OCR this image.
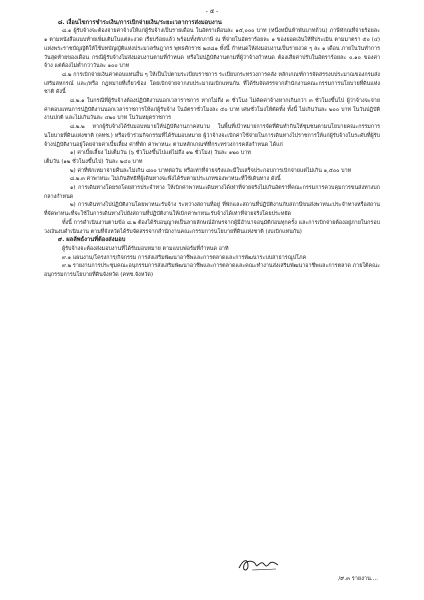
- ๕ -
๘. เงื่อนไขการชำระเงิน/การเบิกจ่ายเงิน/ระยะเวลาการส่งมอบงาน

๘.๑ ผู้รับจ้างจะต้องจ่ายค่าจ้างให้แก่ผู้รับจ้างเป็นรายเดือน ในอัตราเดือนละ ๑๕,๐๐๐ บาท (หนึ่งหมื่นห้าพันบาทถ้วน) ภาษีหักณที่จ่ายร้อยละ ๑ ตามหนังสือแนบท้ายเพิ่มเติมในแต่ละงวด เรียบร้อยแล้ว พร้อมทั้งทักภาษี ณ ที่จ่ายในอัตราร้อยละ ๑ ของยอดเงินให้ทีประเมิน ตามมาตรา ๕๐ (๔) แห่งพระราชบัญญัติให้ใช้บทบัญญัติแห่งประมวลรัษฎากร พุทธศักราช ๒๔๘๑ ทั้งนี้ กำหนดให้ส่งมอบงานเป็นรายงวด ๆ ละ ๑ เดือน ภายในวันทำการวันสุดท้ายของเดือน กรณีผู้รับจ้างไม่ส่งมอบงานตามที่กำหนด หรือไม่ปฏิบัติงานตามที่ผู้ว่าจ้างกำหนด ต้องเสียค่าปรับในอัตราร้อยละ ๐.๑๐ ของค่าจ้าง แต่ต้องไม่ต่ำกว่าวันละ ๑๐๐ บาท

๘.๒ การเบิกจ่ายเงินค่าตอบแทนอื่น ๆ ให้เป็นไปตามระเบียบราชการ ระเบียบกระทรวงการคลัง หลักเกณฑ์การจัดสรรงบประมาณของกรมส่งเสริมสหกรณ์ และ/หรือ กฎหมายที่เกี่ยวข้อง โดยเบิกจ่ายจากงบประมาณเบิกแทนกัน ที่ได้รับจัดสรรจากสำนักงานคณะกรรมการนโยบายที่ดินแห่งชาติ ดังนี้

๘.๒.๑ ในกรณีที่ผู้รับจ้างต้องปฏิบัติงานนอกเวลาราชการ หากไม่ถึง ๓ ชั่วโมง ไม่คิดค่าจ้างหากเกินกว่า ๓ ชั่วโมงขึ้นไป ผู้ว่าจ้างจะจ่ายค่าตอบแทนการปฏิบัติงานนอกเวลาราชการให้แก่ผู้รับจ้าง ในอัตราชั่วโมงละ ๕๐ บาท เศษชั่วโมงให้ตัดทิ้ง ทั้งนี้ ไม่เกินวันละ ๒๐๐ บาท ในวันปฏิบัติงานปกติ และไม่เกินวันละ ๔๒๐ บาท ในวันหยุดราชการ

๘.๒.๒ หากผู้รับจ้างได้รับมอบหมายให้ปฏิบัติงานภาคสนาม ในพื้นที่เป้าหมายการจัดที่ดินทำกินให้ชุมชนตามนโยบายคณะกรรมการนโยบายที่ดินแห่งชาติ (คทช.) หรือเข้าร่วมกิจกรรมที่ได้รับมอบหมาย ผู้ว่าจ้างจะเบิกค่าใช้จ่ายในการเดินทางไปราชการให้แก่ผู้รับจ้างในระดับที่ผู้รับจ้างปฏิบัติงานอยู่โดยจ่ายค่าเบี้ยเลี้ยง ค่าที่พัก ค่าพาหนะ ตามหลักเกณฑ์ที่กระทรวงการคลังกำหนด ได้แก่

๑) ค่าเบี้ยเลี้ยง ไม่เต็มวัน (๖ ชั่วโมงขึ้นไปแต่ไม่ถึง ๑๒ ชั่วโมง) วันละ ๑๒๐ บาท

เต็มวัน (๑๒ ชั่วโมงขึ้นไป) วันละ ๒๔๐ บาท

๒) ค่าที่พักเหมาจ่ายคืนละไม่เกิน ๘๐๐ บาทต่อวัน หรือเท่าที่จ่ายจริงและมีใบเสร็จประกอบการเบิกจ่ายแต่ไม่เกิน ๑,๕๐๐ บาท

๘.๒.๓ ค่าพาหนะ ไม่เกินสิทธิที่ผู้เดินทางจะพึงได้รับตามประเภทของพาหนะที่ใช้เดินทาง ดังนี้

๑) การเดินทางโดยรถโดยสารประจำทาง ให้เบิกค่าพาหนะเดินทางได้เท่าที่จ่ายจริงไม่เกินอัตราที่คณะกรรมการควบคุมการขนส่งทางบกกลางกำหนด

๒) การเดินทางไปปฏิบัติงานโดยพาหนะรับจ้าง ระหว่างสถานที่อยู่ ที่พักและสถานที่ปฏิบัติงานกับสถานีขนส่งพาหนะประจำทางหรือสถานที่จัดพาหนะที่จะใช้ในการเดินทางไปยังสถานที่ปฏิบัติงานให้เบิกค่าพาหนะรับจ้างได้เท่าที่จ่ายจริงโดยประหยัด

ทั้งนี้ การดำเนินงานตามข้อ ๘.๒ ต้องได้รับอนุญาตเป็นลายลักษณ์อักษรจากผู้มีอำนาจอนุมัติก่อนทุกครั้ง และการเบิกจ่ายต้องอยู่ภายในกรอบวงเงินงบดำเนินงาน ตามที่จังหวัดได้รับจัดสรรจากสำนักงานคณะกรรมการนโยบายที่ดินแห่งชาติ (งบเบิกแทนกัน)

๙. ผลลัพธ์งานที่ต้องส่งมอบ

ผู้รับจ้างจะต้องส่งมอบงานที่ได้รับมอบหมาย ตามแบบฟอร์มที่กำหนด อาทิ

๙.๑ แผนงาน/โครงการ/กิจกรรม การส่งเสริมพัฒนาอาชีพและการตลาดและการพัฒนาระบบสาธารณูปโภค

๙.๒ รายงานการประชุมคณะอนุกรรมการส่งเสริมพัฒนาอาชีพและการตลาดและคณะทำงานส่งเสริมพัฒนาอาชีพและการตลาด ภายใต้คณะอนุกรรมการนโยบายที่ดินจังหวัด (คทช.จังหวัด)

/๙.๓ รายงาน....
